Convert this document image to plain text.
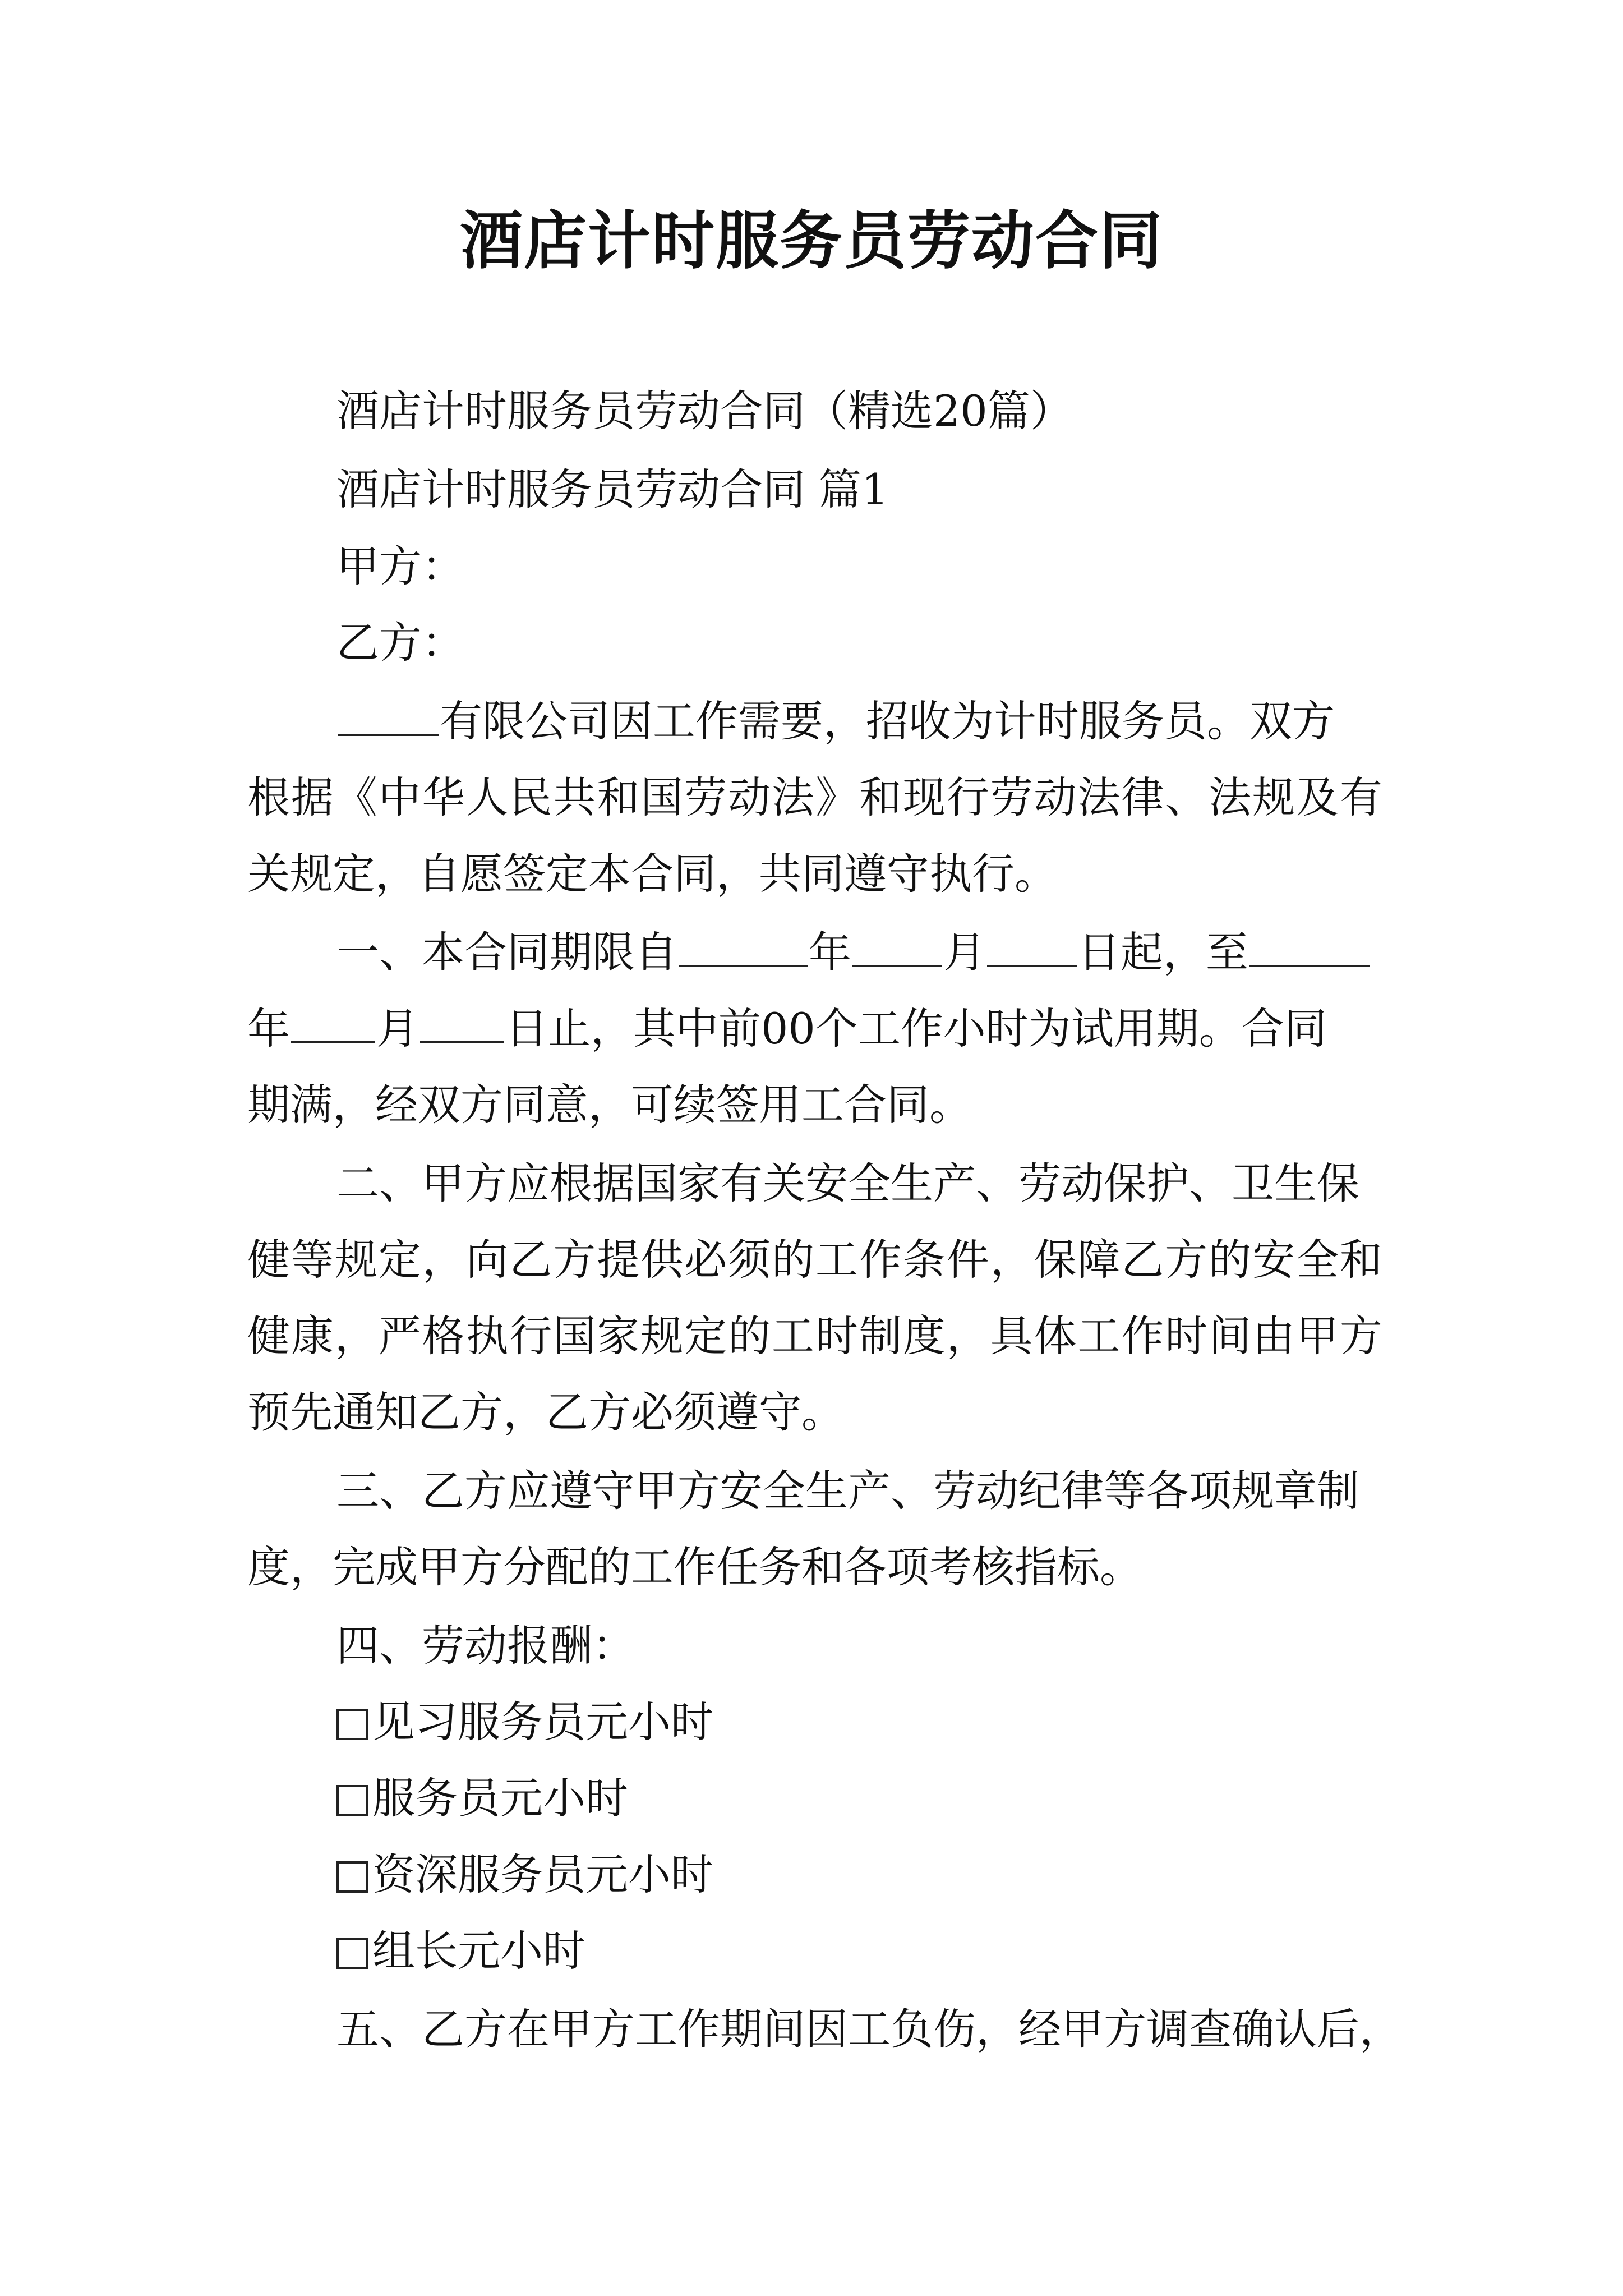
酒店计时服务员劳动合同

酒店计时服务员劳动合同（精选20篇）

酒店计时服务员劳动合同 篇1

甲方：

乙方：

有限公司因工作需要，招收为计时服务员。双方

根据《中华人民共和国劳动法》和现行劳动法律、法规及有

关规定，自愿签定本合同，共同遵守执行。

一、本合同期限自	年 月 日起，至

年 月 日止，其中前00个工作小时为试用期。合同

期满，经双方同意，可续签用工合同。

二、甲方应根据国家有关安全生产、劳动保护、卫生保

健等规定，向乙方提供必须的工作条件，保障乙方的安全和

健康，严格执行国家规定的工时制度，具体工作时间由甲方

预先通知乙方，乙方必须遵守。

三、乙方应遵守甲方安全生产、劳动纪律等各项规章制

度，完成甲方分配的工作任务和各项考核指标。

四、劳动报酬：

见习服务员元小时

服务员元小时

资深服务员元小时

组长元小时

五、乙方在甲方工作期间因工负伤，经甲方调查确认后，
